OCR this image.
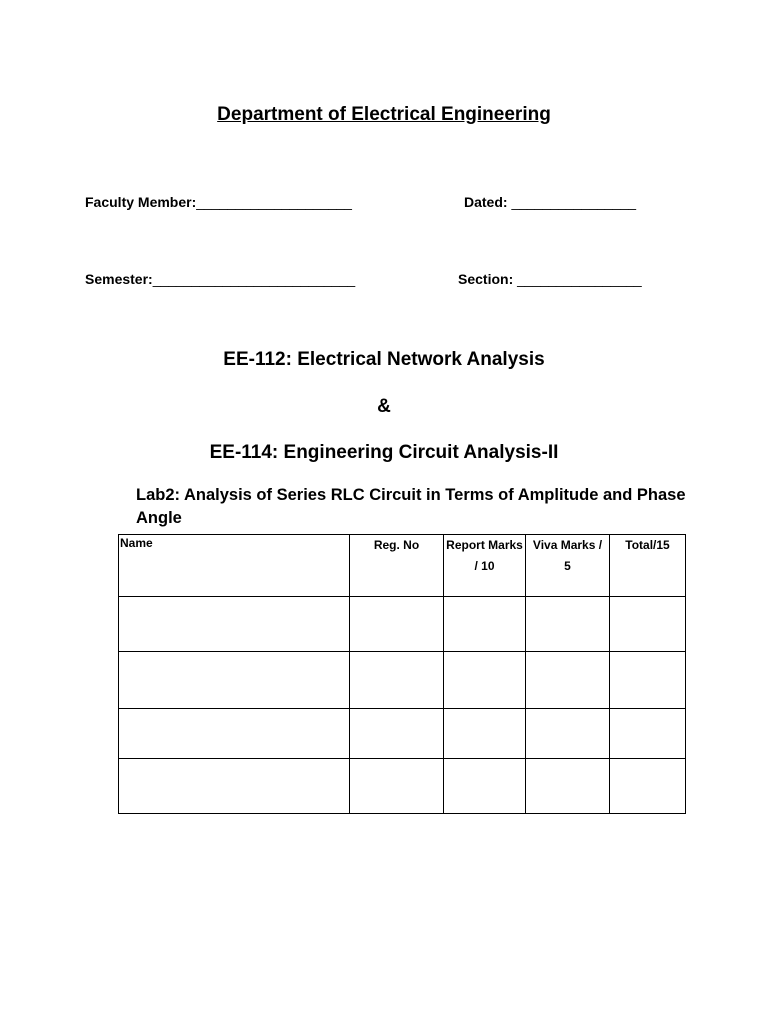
Department of Electrical Engineering
Faculty Member:____________________	Dated: ________________
Semester:__________________________	Section: ________________
EE-112: Electrical Network Analysis
&
EE-114: Engineering Circuit Analysis-II
Lab2: Analysis of Series RLC Circuit in Terms of Amplitude and Phase Angle
Name	Reg. No	Report Marks / 10	Viva Marks / 5	Total/15
